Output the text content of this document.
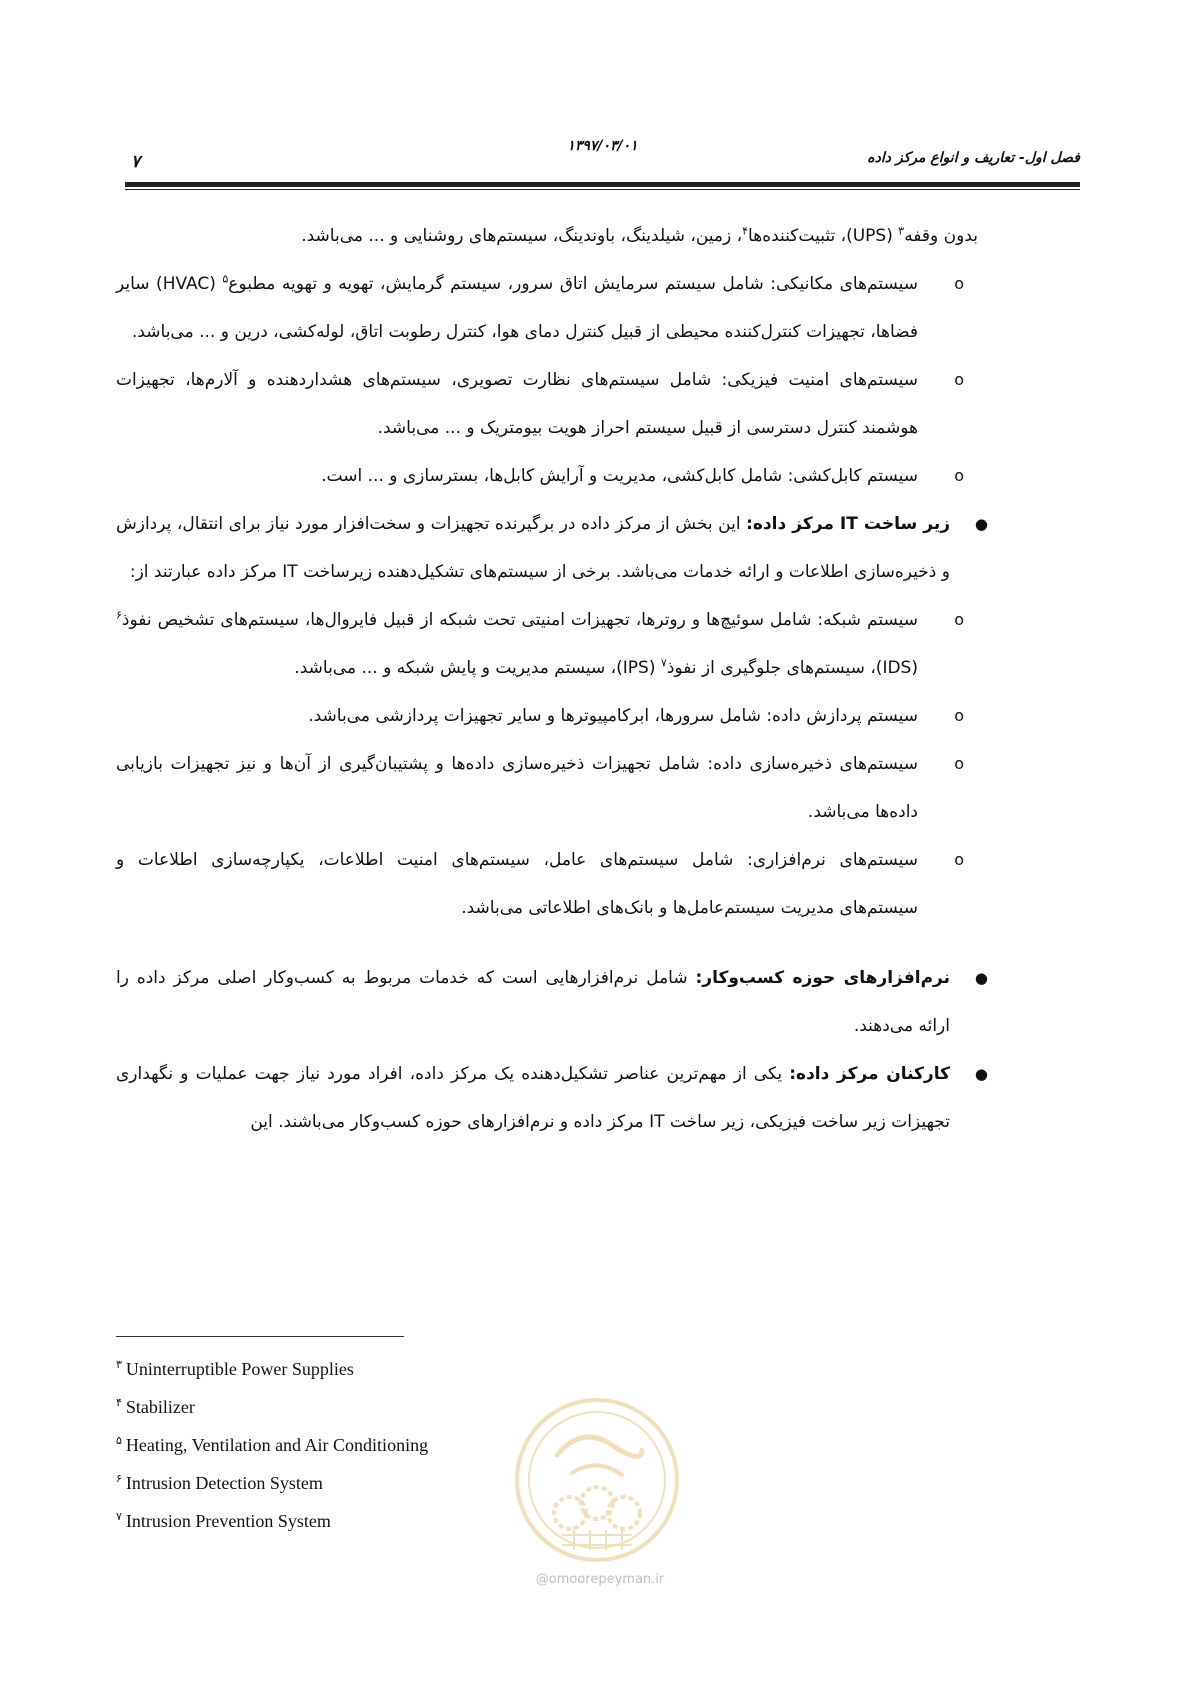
فصل اول- تعاریف و انواع مرکز داده
۱۳۹۷/۰۳/۰۱
۷

بدون وقفه$^۳$ (UPS)، تثبیت‌کننده‌ها$^۴$، زمین، شیلدینگ، باوندینگ، سیستم‌های روشنایی و ... می‌باشد.

o
سیستم‌های مکانیکی: شامل سیستم سرمایش اتاق سرور، سیستم گرمایش، تهویه و تهویه مطبوع$^۵$ (HVAC) سایر فضاها، تجهیزات کنترل‌کننده محیطی از قبیل کنترل دمای هوا، کنترل رطوبت اتاق، لوله‌کشی، درین و ... می‌باشد.

o
سیستم‌های امنیت فیزیکی: شامل سیستم‌های نظارت تصویری، سیستم‌های هشداردهنده و آلارم‌ها، تجهیزات هوشمند کنترل دسترسی از قبیل سیستم احراز هویت بیومتریک و ... می‌باشد.

o
سیستم کابل‌کشی: شامل کابل‌کشی، مدیریت و آرایش کابل‌ها، بسترسازی و ... است.

●
زیر ساخت IT مرکز داده: این بخش از مرکز داده در برگیرنده تجهیزات و سخت‌افزار مورد نیاز برای انتقال، پردازش و ذخیره‌سازی اطلاعات و ارائه خدمات می‌باشد. برخی از سیستم‌های تشکیل‌دهنده زیرساخت IT مرکز داده عبارتند از:

o
سیستم شبکه: شامل سوئیچ‌ها و روترها، تجهیزات امنیتی تحت شبکه از قبیل فایروال‌ها، سیستم‌های تشخیص نفوذ$^۶$ (IDS)، سیستم‌های جلوگیری از نفوذ$^۷$ (IPS)، سیستم مدیریت و پایش شبکه و ... می‌باشد.

o
سیستم پردازش داده: شامل سرورها، ابرکامپیوترها و سایر تجهیزات پردازشی می‌باشد.

o
سیستم‌های ذخیره‌سازی داده: شامل تجهیزات ذخیره‌سازی داده‌ها و پشتیبان‌گیری از آن‌ها و نیز تجهیزات بازیابی داده‌ها می‌باشد.

o
سیستم‌های نرم‌افزاری: شامل سیستم‌های عامل، سیستم‌های امنیت اطلاعات، یکپارچه‌سازی اطلاعات و سیستم‌های مدیریت سیستم‌عامل‌ها و بانک‌های اطلاعاتی می‌باشد.

●
نرم‌افزارهای حوزه کسب‌وکار: شامل نرم‌افزارهایی است که خدمات مربوط به کسب‌وکار اصلی مرکز داده را ارائه می‌دهند.

●
کارکنان مرکز داده: یکی از مهم‌ترین عناصر تشکیل‌دهنده یک مرکز داده، افراد مورد نیاز جهت عملیات و نگهداری تجهیزات زیر ساخت فیزیکی، زیر ساخت IT مرکز داده و نرم‌افزارهای حوزه کسب‌وکار می‌باشند. این

$^۳$ Uninterruptible Power Supplies
$^۴$ Stabilizer
$^۵$ Heating, Ventilation and Air Conditioning
$^۶$ Intrusion Detection System
$^۷$ Intrusion Prevention System
@omoorepeyman.ir
